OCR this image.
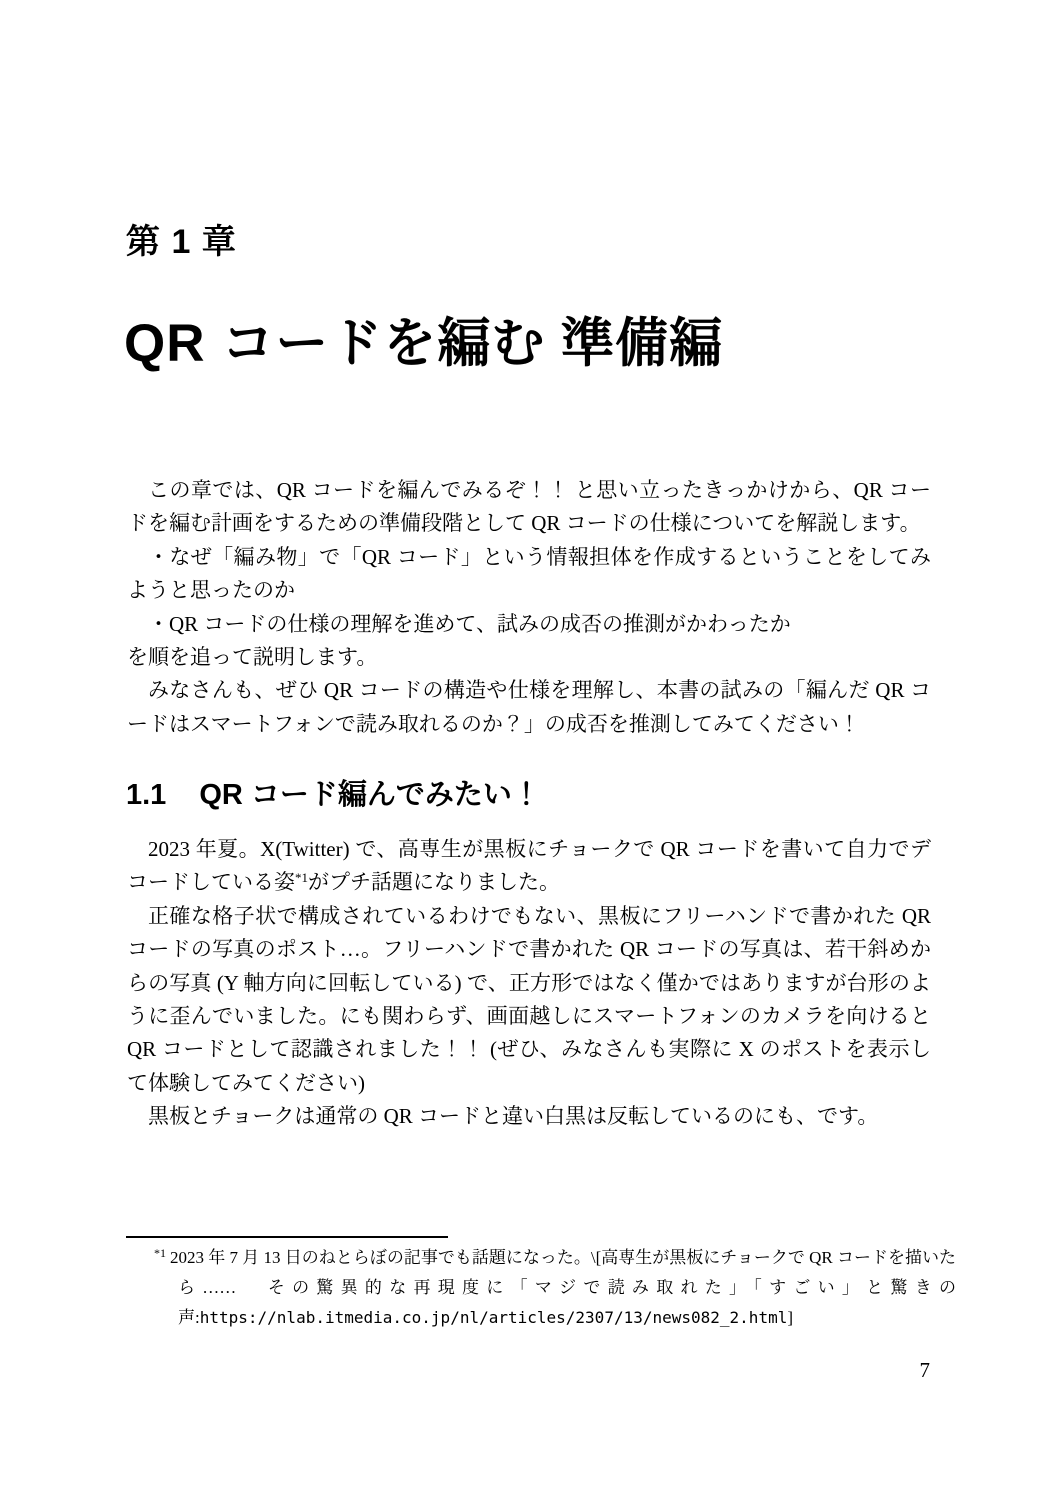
第 1 章
QR コードを編む 準備編

この章では、QR コードを編んでみるぞ！！ と思い立ったきっかけから、QR コードを編む計画をするための準備段階として QR コードの仕様についてを解説します。

・なぜ「編み物」で「QR コード」という情報担体を作成するということをしてみようと思ったのか

・QR コードの仕様の理解を進めて、試みの成否の推測がかわったか

を順を追って説明します。

みなさんも、ぜひ QR コードの構造や仕様を理解し、本書の試みの「編んだ QR コードはスマートフォンで読み取れるのか？」の成否を推測してみてください！

1.1 QR コード編んでみたい！

2023 年夏。X(Twitter) で、高専生が黒板にチョークで QR コードを書いて自力でデコードしている姿$^{*1}$がプチ話題になりました。

正確な格子状で構成されているわけでもない、黒板にフリーハンドで書かれた QR コードの写真のポスト…。フリーハンドで書かれた QR コードの写真は、若干斜めからの写真 (Y 軸方向に回転している) で、正方形ではなく僅かではありますが台形のように歪んでいました。にも関わらず、画面越しにスマートフォンのカメラを向けると QR コードとして認識されました！！ (ぜひ、みなさんも実際に X のポストを表示して体験してみてください)

黒板とチョークは通常の QR コードと違い白黒は反転しているのにも、です。

$^{*1}$ 2023 年 7 月 13 日のねとらぼの記事でも話題になった。\[高専生が黒板にチョークで QR コードを描いたら……　その驚異的な再現度に「マジで読み取れた」「すごい」と驚きの声:https://nlab.itmedia.co.jp/nl/articles/2307/13/news082_2.html]
7
